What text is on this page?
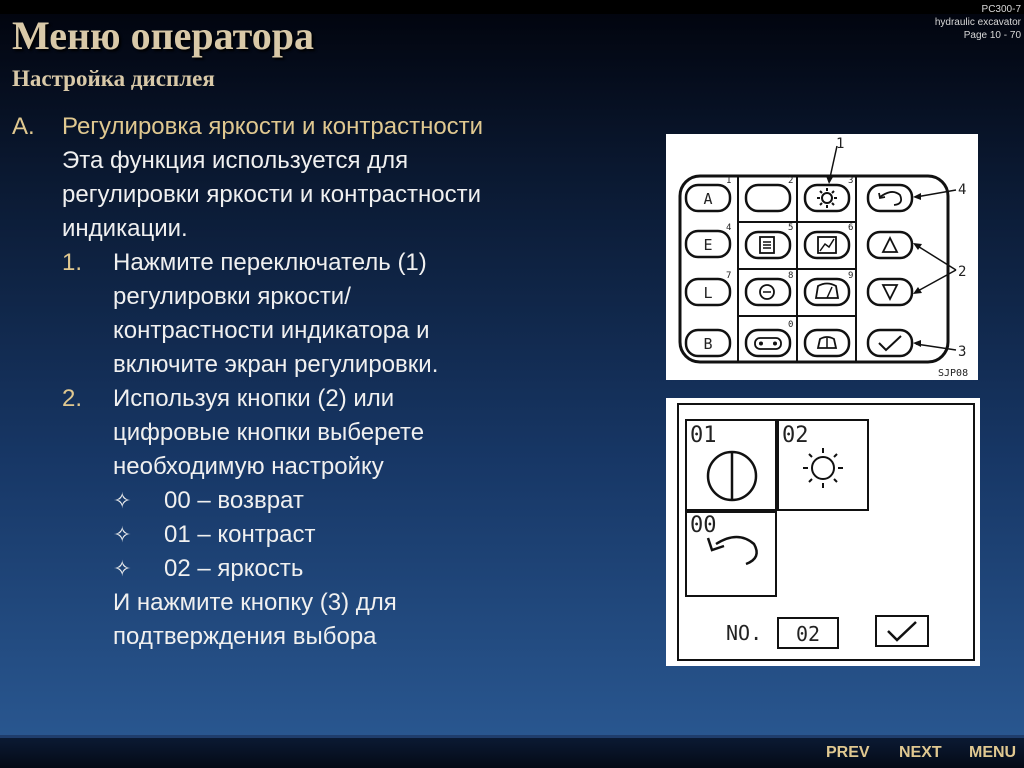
Меню оператора
Настройка дисплея
PC300-7
hydraulic excavator
Page 10 - 70
A. Регулировка яркости и контрастности
Эта функция используется для
регулировки яркости и контрастности
индикации.
1. Нажмите переключатель (1)
регулировки яркости/
контрастности индикатора и
включите экран регулировки.
2. Используя кнопки (2) или
цифровые кнопки выберете
необходимую настройку
✧ 00 – возврат
✧ 01 – контраст
✧ 02 – яркость
И нажмите кнопку (3) для
подтверждения выбора
A
E
L
B
1	2	3
4	5	6
7	8	9
0
1
4
2
3
SJP08
01	02
00
NO. 02
PREV NEXT MENU
